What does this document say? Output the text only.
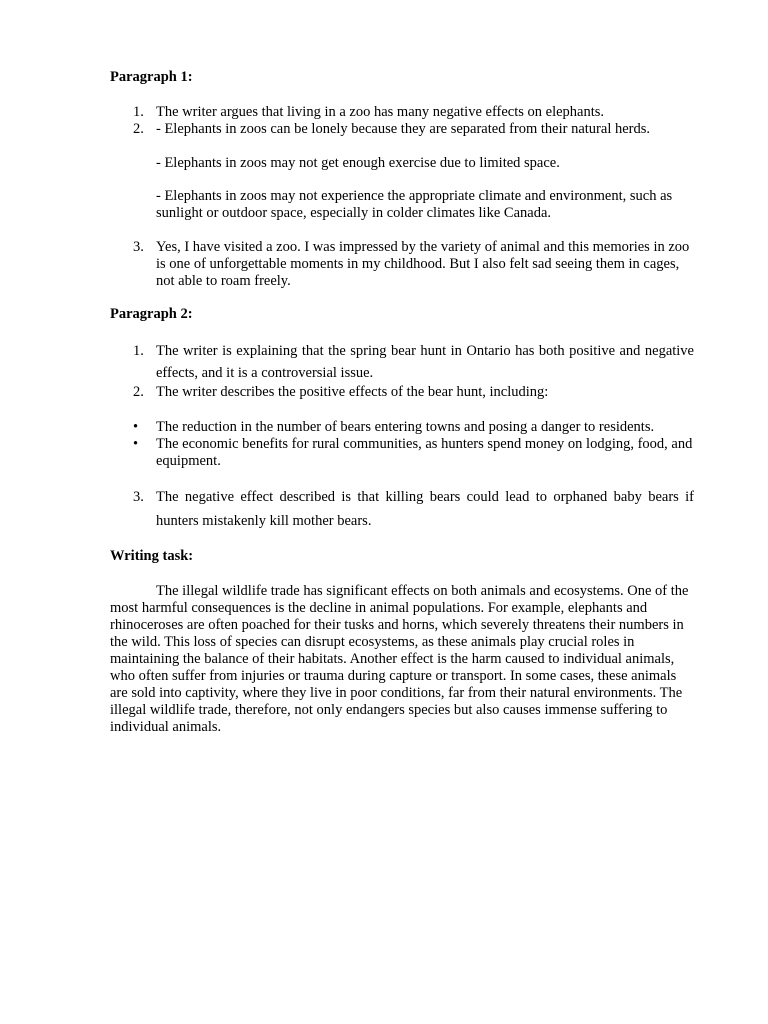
Paragraph 1:
1. The writer argues that living in a zoo has many negative effects on elephants.
2. - Elephants in zoos can be lonely because they are separated from their natural herds.
- Elephants in zoos may not get enough exercise due to limited space.
- Elephants in zoos may not experience the appropriate climate and environment, such as sunlight or outdoor space, especially in colder climates like Canada.
3. Yes, I have visited a zoo. I was impressed by the variety of animal and this memories in zoo is one of unforgettable moments in my childhood. But I also felt sad seeing them in cages, not able to roam freely.
Paragraph 2:
1. The writer is explaining that the spring bear hunt in Ontario has both positive and negative effects, and it is a controversial issue.
2. The writer describes the positive effects of the bear hunt, including:
•	The reduction in the number of bears entering towns and posing a danger to residents.
•	The economic benefits for rural communities, as hunters spend money on lodging, food, and equipment.
3. The negative effect described is that killing bears could lead to orphaned baby bears if hunters mistakenly kill mother bears.
Writing task:
The illegal wildlife trade has significant effects on both animals and ecosystems. One of the most harmful consequences is the decline in animal populations. For example, elephants and rhinoceroses are often poached for their tusks and horns, which severely threatens their numbers in the wild. This loss of species can disrupt ecosystems, as these animals play crucial roles in maintaining the balance of their habitats. Another effect is the harm caused to individual animals, who often suffer from injuries or trauma during capture or transport. In some cases, these animals are sold into captivity, where they live in poor conditions, far from their natural environments. The illegal wildlife trade, therefore, not only endangers species but also causes immense suffering to individual animals.
